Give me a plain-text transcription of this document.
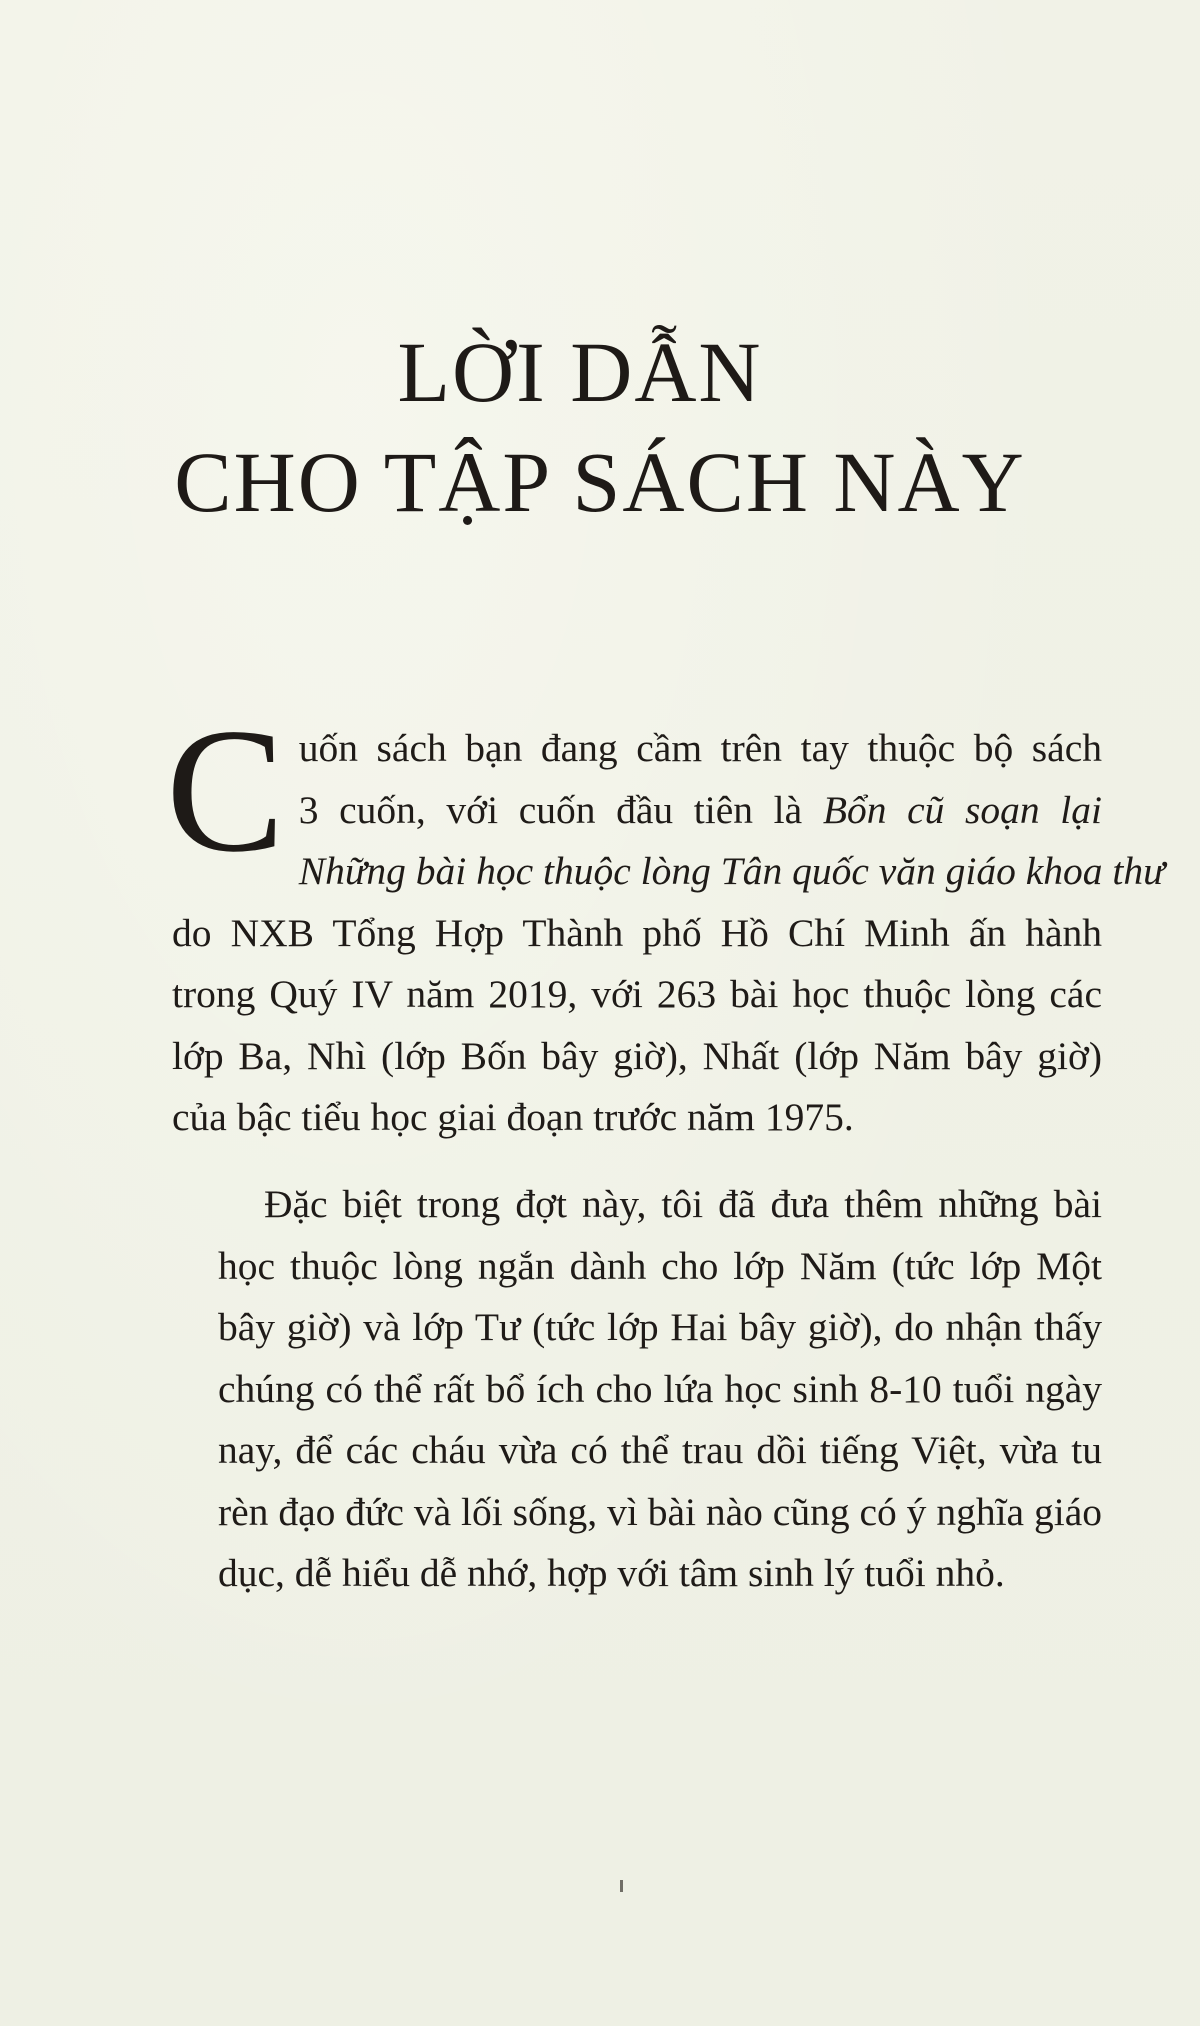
LỜI DẪN
CHO TẬP SÁCH NÀY

C uốn sách bạn đang cầm trên tay thuộc bộ sách
3 cuốn, với cuốn đầu tiên là Bổn cũ soạn lại
Những bài học thuộc lòng Tân quốc văn giáo khoa thư
do NXB Tổng Hợp Thành phố Hồ Chí Minh ấn hành
trong Quý IV năm 2019, với 263 bài học thuộc lòng các
lớp Ba, Nhì (lớp Bốn bây giờ), Nhất (lớp Năm bây giờ)
của bậc tiểu học giai đoạn trước năm 1975.

Đặc biệt trong đợt này, tôi đã đưa thêm những bài
học thuộc lòng ngắn dành cho lớp Năm (tức lớp Một
bây giờ) và lớp Tư (tức lớp Hai bây giờ), do nhận thấy
chúng có thể rất bổ ích cho lứa học sinh 8-10 tuổi ngày
nay, để các cháu vừa có thể trau dồi tiếng Việt, vừa tu
rèn đạo đức và lối sống, vì bài nào cũng có ý nghĩa giáo
dục, dễ hiểu dễ nhớ, hợp với tâm sinh lý tuổi nhỏ.
